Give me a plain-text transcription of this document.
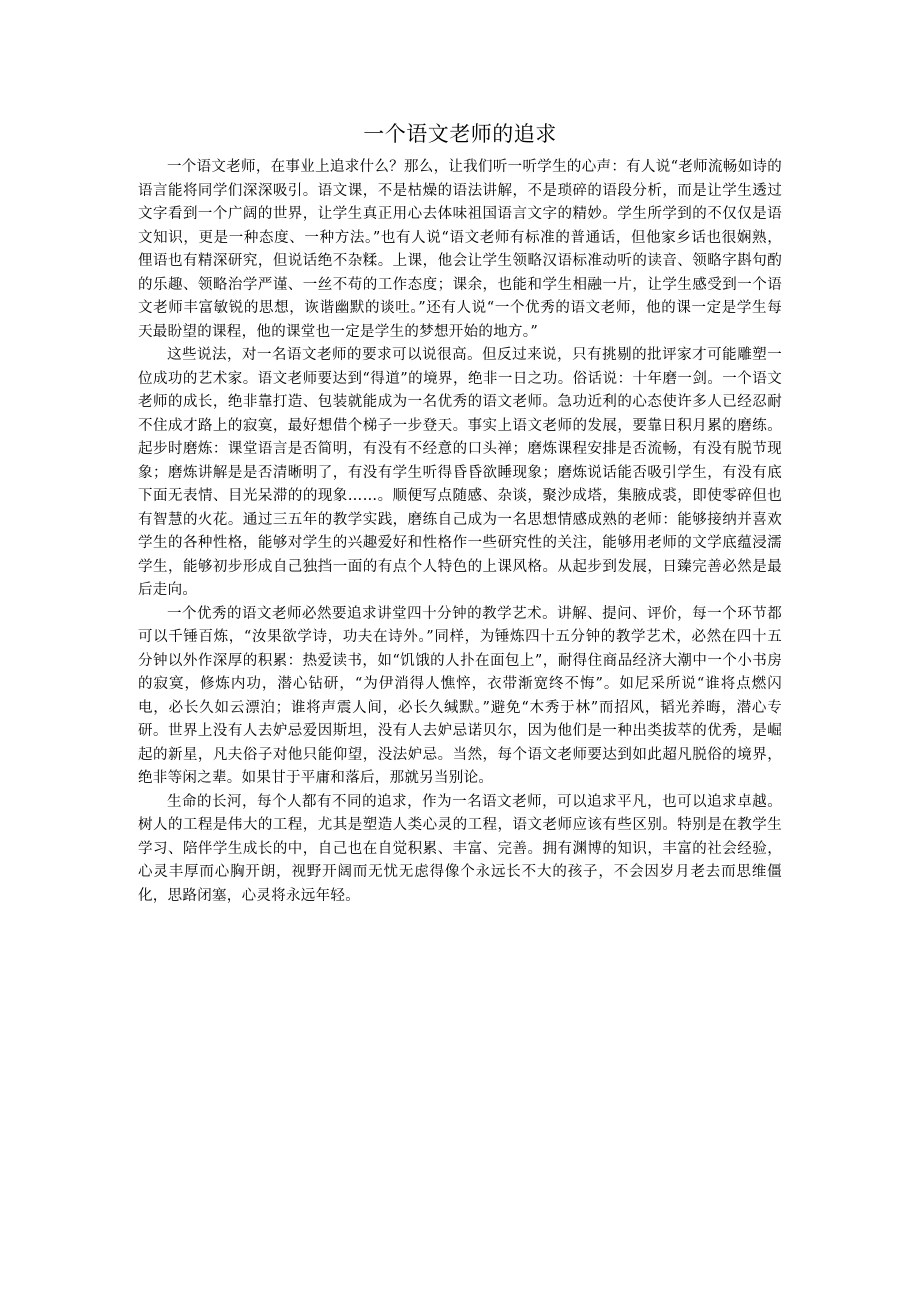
一个语文老师的追求

一个语文老师，在事业上追求什么？那么，让我们听一听学生的心声：有人说“老师流畅如诗的语言能将同学们深深吸引。语文课，不是枯燥的语法讲解，不是琐碎的语段分析，而是让学生透过文字看到一个广阔的世界，让学生真正用心去体味祖国语言文字的精妙。学生所学到的不仅仅是语文知识，更是一种态度、一种方法。”也有人说“语文老师有标准的普通话，但他家乡话也很娴熟，俚语也有精深研究，但说话绝不杂糅。上课，他会让学生领略汉语标准动听的读音、领略字斟句酌的乐趣、领略治学严谨、一丝不苟的工作态度；课余，也能和学生相融一片，让学生感受到一个语文老师丰富敏锐的思想，诙谐幽默的谈吐。”还有人说“一个优秀的语文老师，他的课一定是学生每天最盼望的课程，他的课堂也一定是学生的梦想开始的地方。”

这些说法，对一名语文老师的要求可以说很高。但反过来说，只有挑剔的批评家才可能雕塑一位成功的艺术家。语文老师要达到“得道”的境界，绝非一日之功。俗话说：十年磨一剑。一个语文老师的成长，绝非靠打造、包装就能成为一名优秀的语文老师。急功近利的心态使许多人已经忍耐不住成才路上的寂寞，最好想借个梯子一步登天。事实上语文老师的发展，要靠日积月累的磨练。起步时磨炼：课堂语言是否简明，有没有不经意的口头禅；磨炼课程安排是否流畅，有没有脱节现象；磨炼讲解是是否清晰明了，有没有学生听得昏昏欲睡现象；磨炼说话能否吸引学生，有没有底下面无表情、目光呆滞的的现象……。顺便写点随感、杂谈，聚沙成塔，集腋成裘，即使零碎但也有智慧的火花。通过三五年的教学实践，磨练自己成为一名思想情感成熟的老师：能够接纳并喜欢学生的各种性格，能够对学生的兴趣爱好和性格作一些研究性的关注，能够用老师的文学底蕴浸濡学生，能够初步形成自己独挡一面的有点个人特色的上课风格。从起步到发展，日臻完善必然是最后走向。

一个优秀的语文老师必然要追求讲堂四十分钟的教学艺术。讲解、提问、评价，每一个环节都可以千锤百炼，“汝果欲学诗，功夫在诗外。”同样，为锤炼四十五分钟的教学艺术，必然在四十五分钟以外作深厚的积累：热爱读书，如“饥饿的人扑在面包上”，耐得住商品经济大潮中一个小书房的寂寞，修炼内功，潜心钻研，“为伊消得人憔悴，衣带渐宽终不悔”。如尼采所说“谁将点燃闪电，必长久如云漂泊；谁将声震人间，必长久缄默。”避免“木秀于林”而招风，韬光养晦，潜心专研。世界上没有人去妒忌爱因斯坦，没有人去妒忌诺贝尔，因为他们是一种出类拔萃的优秀，是崛起的新星，凡夫俗子对他只能仰望，没法妒忌。当然，每个语文老师要达到如此超凡脱俗的境界，绝非等闲之辈。如果甘于平庸和落后，那就另当别论。

生命的长河，每个人都有不同的追求，作为一名语文老师，可以追求平凡，也可以追求卓越。树人的工程是伟大的工程，尤其是塑造人类心灵的工程，语文老师应该有些区别。特别是在教学生学习、陪伴学生成长的中，自己也在自觉积累、丰富、完善。拥有渊博的知识，丰富的社会经验，心灵丰厚而心胸开朗，视野开阔而无忧无虑得像个永远长不大的孩子，不会因岁月老去而思维僵化，思路闭塞，心灵将永远年轻。
